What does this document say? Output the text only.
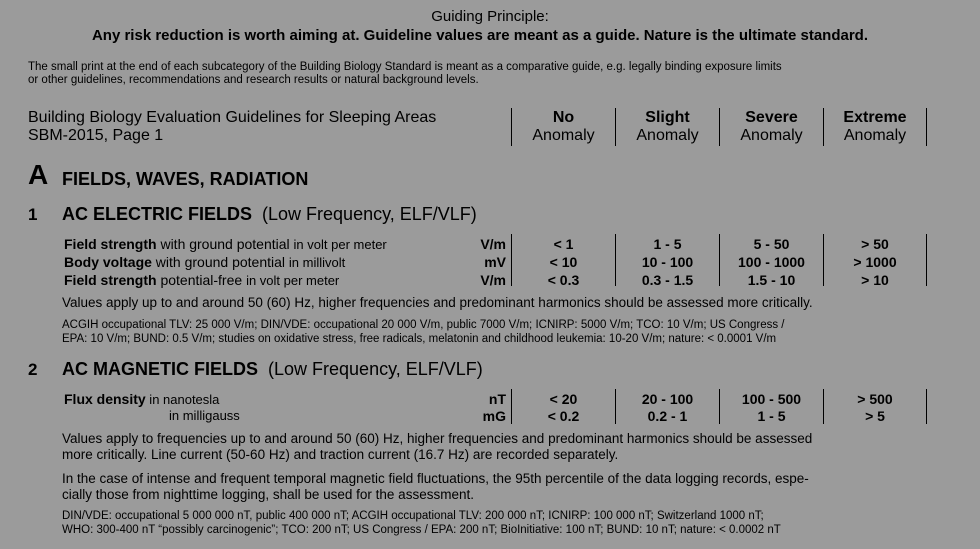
Guiding Principle:
Any risk reduction is worth aiming at. Guideline values are meant as a guide. Nature is the ultimate standard.
The small print at the end of each subcategory of the Building Biology Standard is meant as a comparative guide, e.g. legally binding exposure limits
or other guidelines, recommendations and research results or natural background levels.
Building Biology Evaluation Guidelines for Sleeping Areas
SBM-2015, Page 1
No
Anomaly
Slight
Anomaly
Severe
Anomaly
Extreme
Anomaly
A FIELDS, WAVES, RADIATION
1 AC ELECTRIC FIELDS (Low Frequency, ELF/VLF)
Field strength with ground potential in volt per meter	V/m	< 1	1 - 5	5 - 50	> 50
Body voltage with ground potential in millivolt	mV	< 10	10 - 100	100 - 1000	> 1000
Field strength potential-free in volt per meter	V/m	< 0.3	0.3 - 1.5	1.5 - 10	> 10
Values apply up to and around 50 (60) Hz, higher frequencies and predominant harmonics should be assessed more critically.
ACGIH occupational TLV: 25 000 V/m; DIN/VDE: occupational 20 000 V/m, public 7000 V/m; ICNIRP: 5000 V/m; TCO: 10 V/m; US Congress /
EPA: 10 V/m; BUND: 0.5 V/m; studies on oxidative stress, free radicals, melatonin and childhood leukemia: 10-20 V/m; nature: < 0.0001 V/m
2 AC MAGNETIC FIELDS (Low Frequency, ELF/VLF)
Flux density in nanotesla	nT	< 20	20 - 100	100 - 500	> 500
in milligauss	mG	< 0.2	0.2 - 1	1 - 5	> 5
Values apply to frequencies up to and around 50 (60) Hz, higher frequencies and predominant harmonics should be assessed
more critically. Line current (50-60 Hz) and traction current (16.7 Hz) are recorded separately.
In the case of intense and frequent temporal magnetic field fluctuations, the 95th percentile of the data logging records, espe-
cially those from nighttime logging, shall be used for the assessment.
DIN/VDE: occupational 5 000 000 nT, public 400 000 nT; ACGIH occupational TLV: 200 000 nT; ICNIRP: 100 000 nT; Switzerland 1000 nT;
WHO: 300-400 nT “possibly carcinogenic”; TCO: 200 nT; US Congress / EPA: 200 nT; BioInitiative: 100 nT; BUND: 10 nT; nature: < 0.0002 nT
